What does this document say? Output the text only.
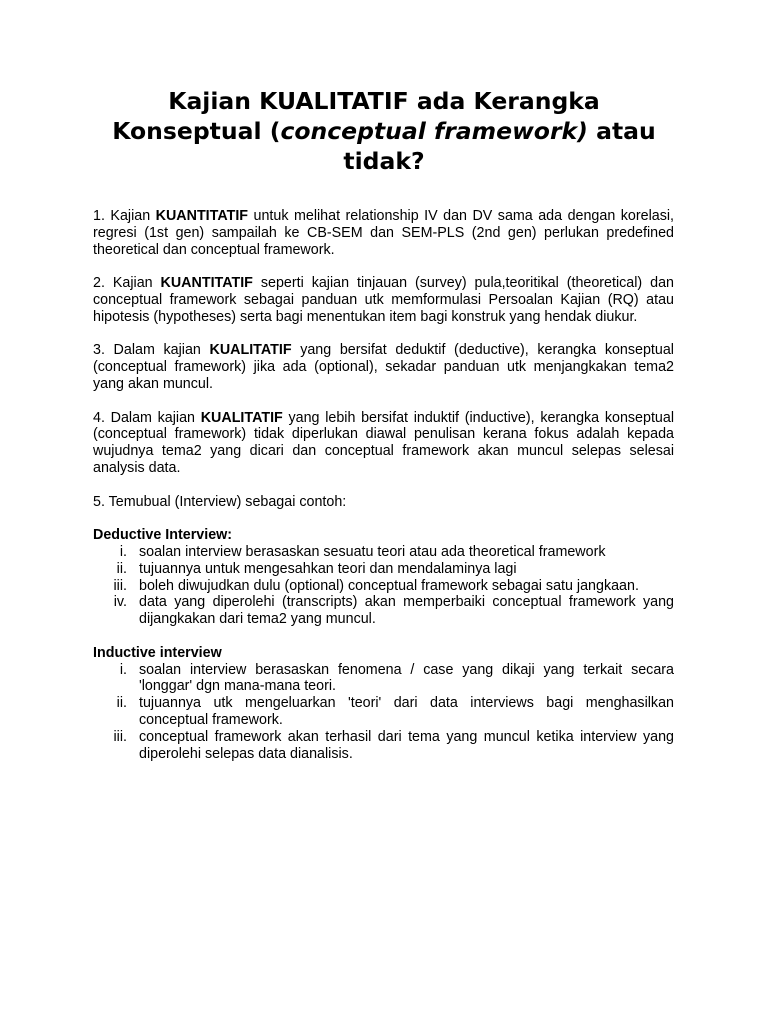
Kajian KUALITATIF ada Kerangka
Konseptual (conceptual framework) atau
tidak?

1. Kajian KUANTITATIF untuk melihat relationship IV dan DV sama ada dengan korelasi, regresi (1st gen) sampailah ke CB-SEM dan SEM-PLS (2nd gen) perlukan predefined theoretical dan conceptual framework.

2. Kajian KUANTITATIF seperti kajian tinjauan (survey) pula,teoritikal (theoretical) dan conceptual framework sebagai panduan utk memformulasi Persoalan Kajian (RQ) atau hipotesis (hypotheses) serta bagi menentukan item bagi konstruk yang hendak diukur.

3. Dalam kajian KUALITATIF yang bersifat deduktif (deductive), kerangka konseptual (conceptual framework) jika ada (optional), sekadar panduan utk menjangkakan tema2 yang akan muncul.

4. Dalam kajian KUALITATIF yang lebih bersifat induktif (inductive), kerangka konseptual (conceptual framework) tidak diperlukan diawal penulisan kerana fokus adalah kepada wujudnya tema2 yang dicari dan conceptual framework akan muncul selepas selesai analysis data.

5. Temubual (Interview) sebagai contoh:

Deductive Interview:

i. soalan interview berasaskan sesuatu teori atau ada theoretical framework
ii. tujuannya untuk mengesahkan teori dan mendalaminya lagi
iii. boleh diwujudkan dulu (optional) conceptual framework sebagai satu jangkaan.
iv. data yang diperolehi (transcripts) akan memperbaiki conceptual framework yang dijangkakan dari tema2 yang muncul.

Inductive interview

i. soalan interview berasaskan fenomena / case yang dikaji yang terkait secara 'longgar' dgn mana-mana teori.
ii. tujuannya utk mengeluarkan 'teori' dari data interviews bagi menghasilkan conceptual framework.
iii. conceptual framework akan terhasil dari tema yang muncul ketika interview yang diperolehi selepas data dianalisis.
